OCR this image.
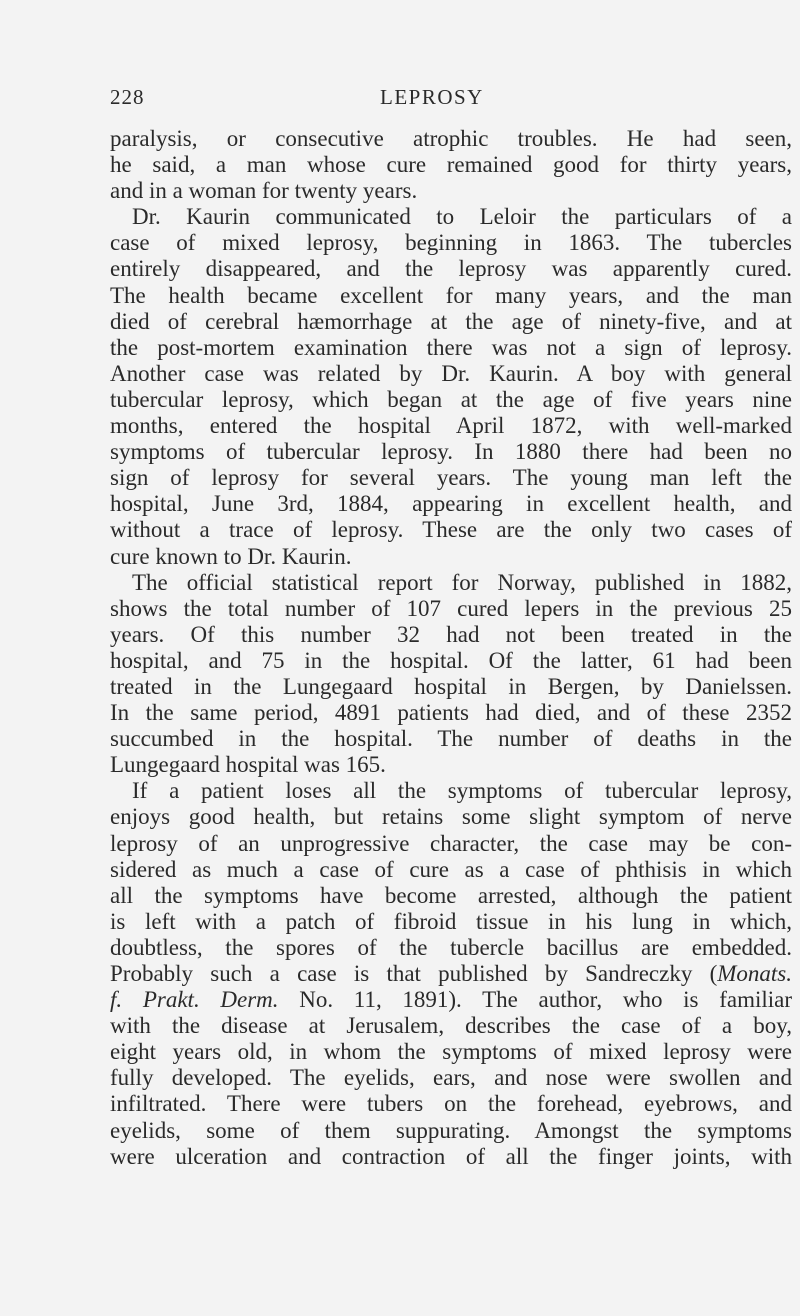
228	LEPROSY
paralysis, or consecutive atrophic troubles. He had seen,
he said, a man whose cure remained good for thirty years,
and in a woman for twenty years.
Dr. Kaurin communicated to Leloir the particulars of a
case of mixed leprosy, beginning in 1863. The tubercles
entirely disappeared, and the leprosy was apparently cured.
The health became excellent for many years, and the man
died of cerebral hæmorrhage at the age of ninety-five, and at
the post-mortem examination there was not a sign of leprosy.
Another case was related by Dr. Kaurin. A boy with general
tubercular leprosy, which began at the age of five years nine
months, entered the hospital April 1872, with well-marked
symptoms of tubercular leprosy. In 1880 there had been no
sign of leprosy for several years. The young man left the
hospital, June 3rd, 1884, appearing in excellent health, and
without a trace of leprosy. These are the only two cases of
cure known to Dr. Kaurin.
The official statistical report for Norway, published in 1882,
shows the total number of 107 cured lepers in the previous 25
years. Of this number 32 had not been treated in the
hospital, and 75 in the hospital. Of the latter, 61 had been
treated in the Lungegaard hospital in Bergen, by Danielssen.
In the same period, 4891 patients had died, and of these 2352
succumbed in the hospital. The number of deaths in the
Lungegaard hospital was 165.
If a patient loses all the symptoms of tubercular leprosy,
enjoys good health, but retains some slight symptom of nerve
leprosy of an unprogressive character, the case may be con-
sidered as much a case of cure as a case of phthisis in which
all the symptoms have become arrested, although the patient
is left with a patch of fibroid tissue in his lung in which,
doubtless, the spores of the tubercle bacillus are embedded.
Probably such a case is that published by Sandreczky (Monats.
f. Prakt. Derm. No. 11, 1891). The author, who is familiar
with the disease at Jerusalem, describes the case of a boy,
eight years old, in whom the symptoms of mixed leprosy were
fully developed. The eyelids, ears, and nose were swollen and
infiltrated. There were tubers on the forehead, eyebrows, and
eyelids, some of them suppurating. Amongst the symptoms
were ulceration and contraction of all the finger joints, with
